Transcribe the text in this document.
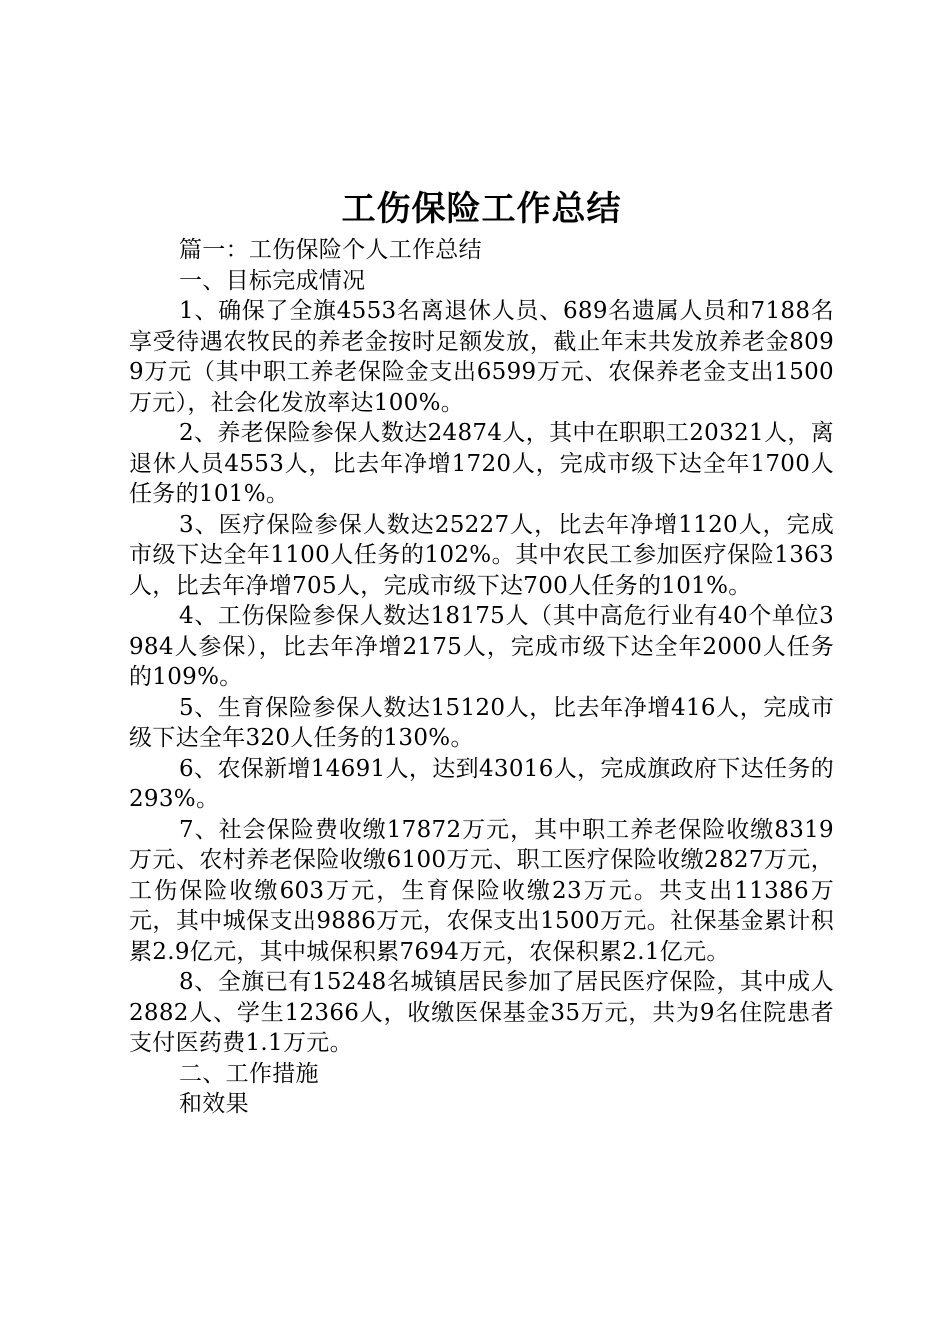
工伤保险工作总结

篇一：工伤保险个人工作总结

一、目标完成情况

1、确保了全旗4553名离退休人员、689名遗属人员和7188名享受待遇农牧民的养老金按时足额发放，截止年末共发放养老金8099万元（其中职工养老保险金支出6599万元、农保养老金支出1500万元），社会化发放率达100%。

2、养老保险参保人数达24874人，其中在职职工20321人，离退休人员4553人，比去年净增1720人，完成市级下达全年1700人任务的101%。

3、医疗保险参保人数达25227人，比去年净增1120人，完成市级下达全年1100人任务的102%。其中农民工参加医疗保险1363人，比去年净增705人，完成市级下达700人任务的101%。

4、工伤保险参保人数达18175人（其中高危行业有40个单位3984人参保），比去年净增2175人，完成市级下达全年2000人任务的109%。

5、生育保险参保人数达15120人，比去年净增416人，完成市级下达全年320人任务的130%。

6、农保新增14691人，达到43016人，完成旗政府下达任务的293%。

7、社会保险费收缴17872万元，其中职工养老保险收缴8319万元、农村养老保险收缴6100万元、职工医疗保险收缴2827万元，工伤保险收缴603万元，生育保险收缴23万元。共支出11386万元，其中城保支出9886万元，农保支出1500万元。社保基金累计积累2.9亿元，其中城保积累7694万元，农保积累2.1亿元。

8、全旗已有15248名城镇居民参加了居民医疗保险，其中成人2882人、学生12366人，收缴医保基金35万元，共为9名住院患者支付医药费1.1万元。

二、工作措施

和效果
